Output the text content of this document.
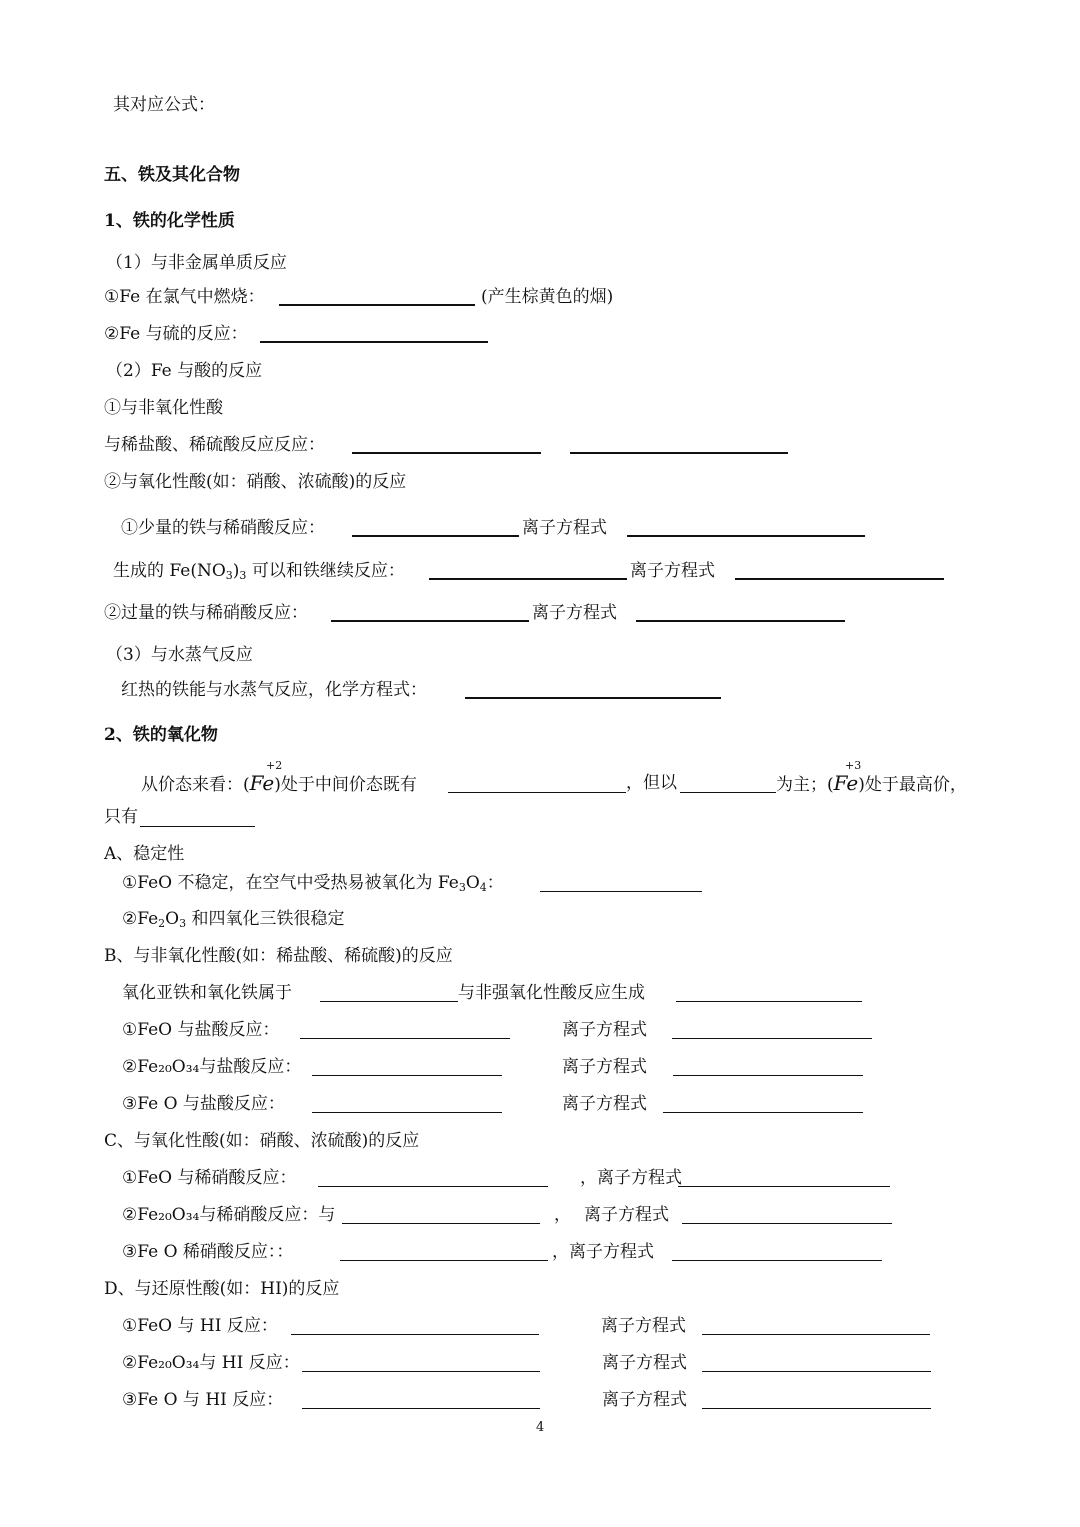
其对应公式：
五、铁及其化合物
1、铁的化学性质
（1）与非金属单质反应
①Fe 在氯气中燃烧：	(产生棕黄色的烟)
②Fe 与硫的反应：
（2）Fe 与酸的反应
①与非氧化性酸
与稀盐酸、稀硫酸反应反应：
②与氧化性酸(如：硝酸、浓硫酸)的反应
①少量的铁与稀硝酸反应：	离子方程式
生成的 $Fe(NO_3)_3$ 可以和铁继续反应：	离子方程式
②过量的铁与稀硝酸反应：	离子方程式
（3）与水蒸气反应
红热的铁能与水蒸气反应，化学方程式：
2、铁的氧化物
+2	+3
从价态来看：(Fe)处于中间价态既有	，但以	为主；(Fe)处于最高价，
只有
A、稳定性
①FeO 不稳定，在空气中受热易被氧化为 $Fe_3O_4$：
$②Fe_2O_3$ 和四氧化三铁很稳定
B、与非氧化性酸(如：稀盐酸、稀硫酸)的反应
氧化亚铁和氧化铁属于	与非强氧化性酸反应生成
①FeO 与盐酸反应：	离子方程式
②Fe₂₀O₃₄与盐酸反应：	离子方程式
③Fe O 与盐酸反应：	离子方程式
C、与氧化性酸(如：硝酸、浓硫酸)的反应
①FeO 与稀硝酸反应：	，离子方程式
②Fe₂₀O₃₄与稀硝酸反应：与	， 离子方程式
③Fe O 稀硝酸反应：：	，离子方程式
D、与还原性酸(如：HI)的反应
①FeO 与 HI 反应：	离子方程式
②Fe₂₀O₃₄与 HI 反应：	离子方程式
③Fe O 与 HI 反应：	离子方程式
4
